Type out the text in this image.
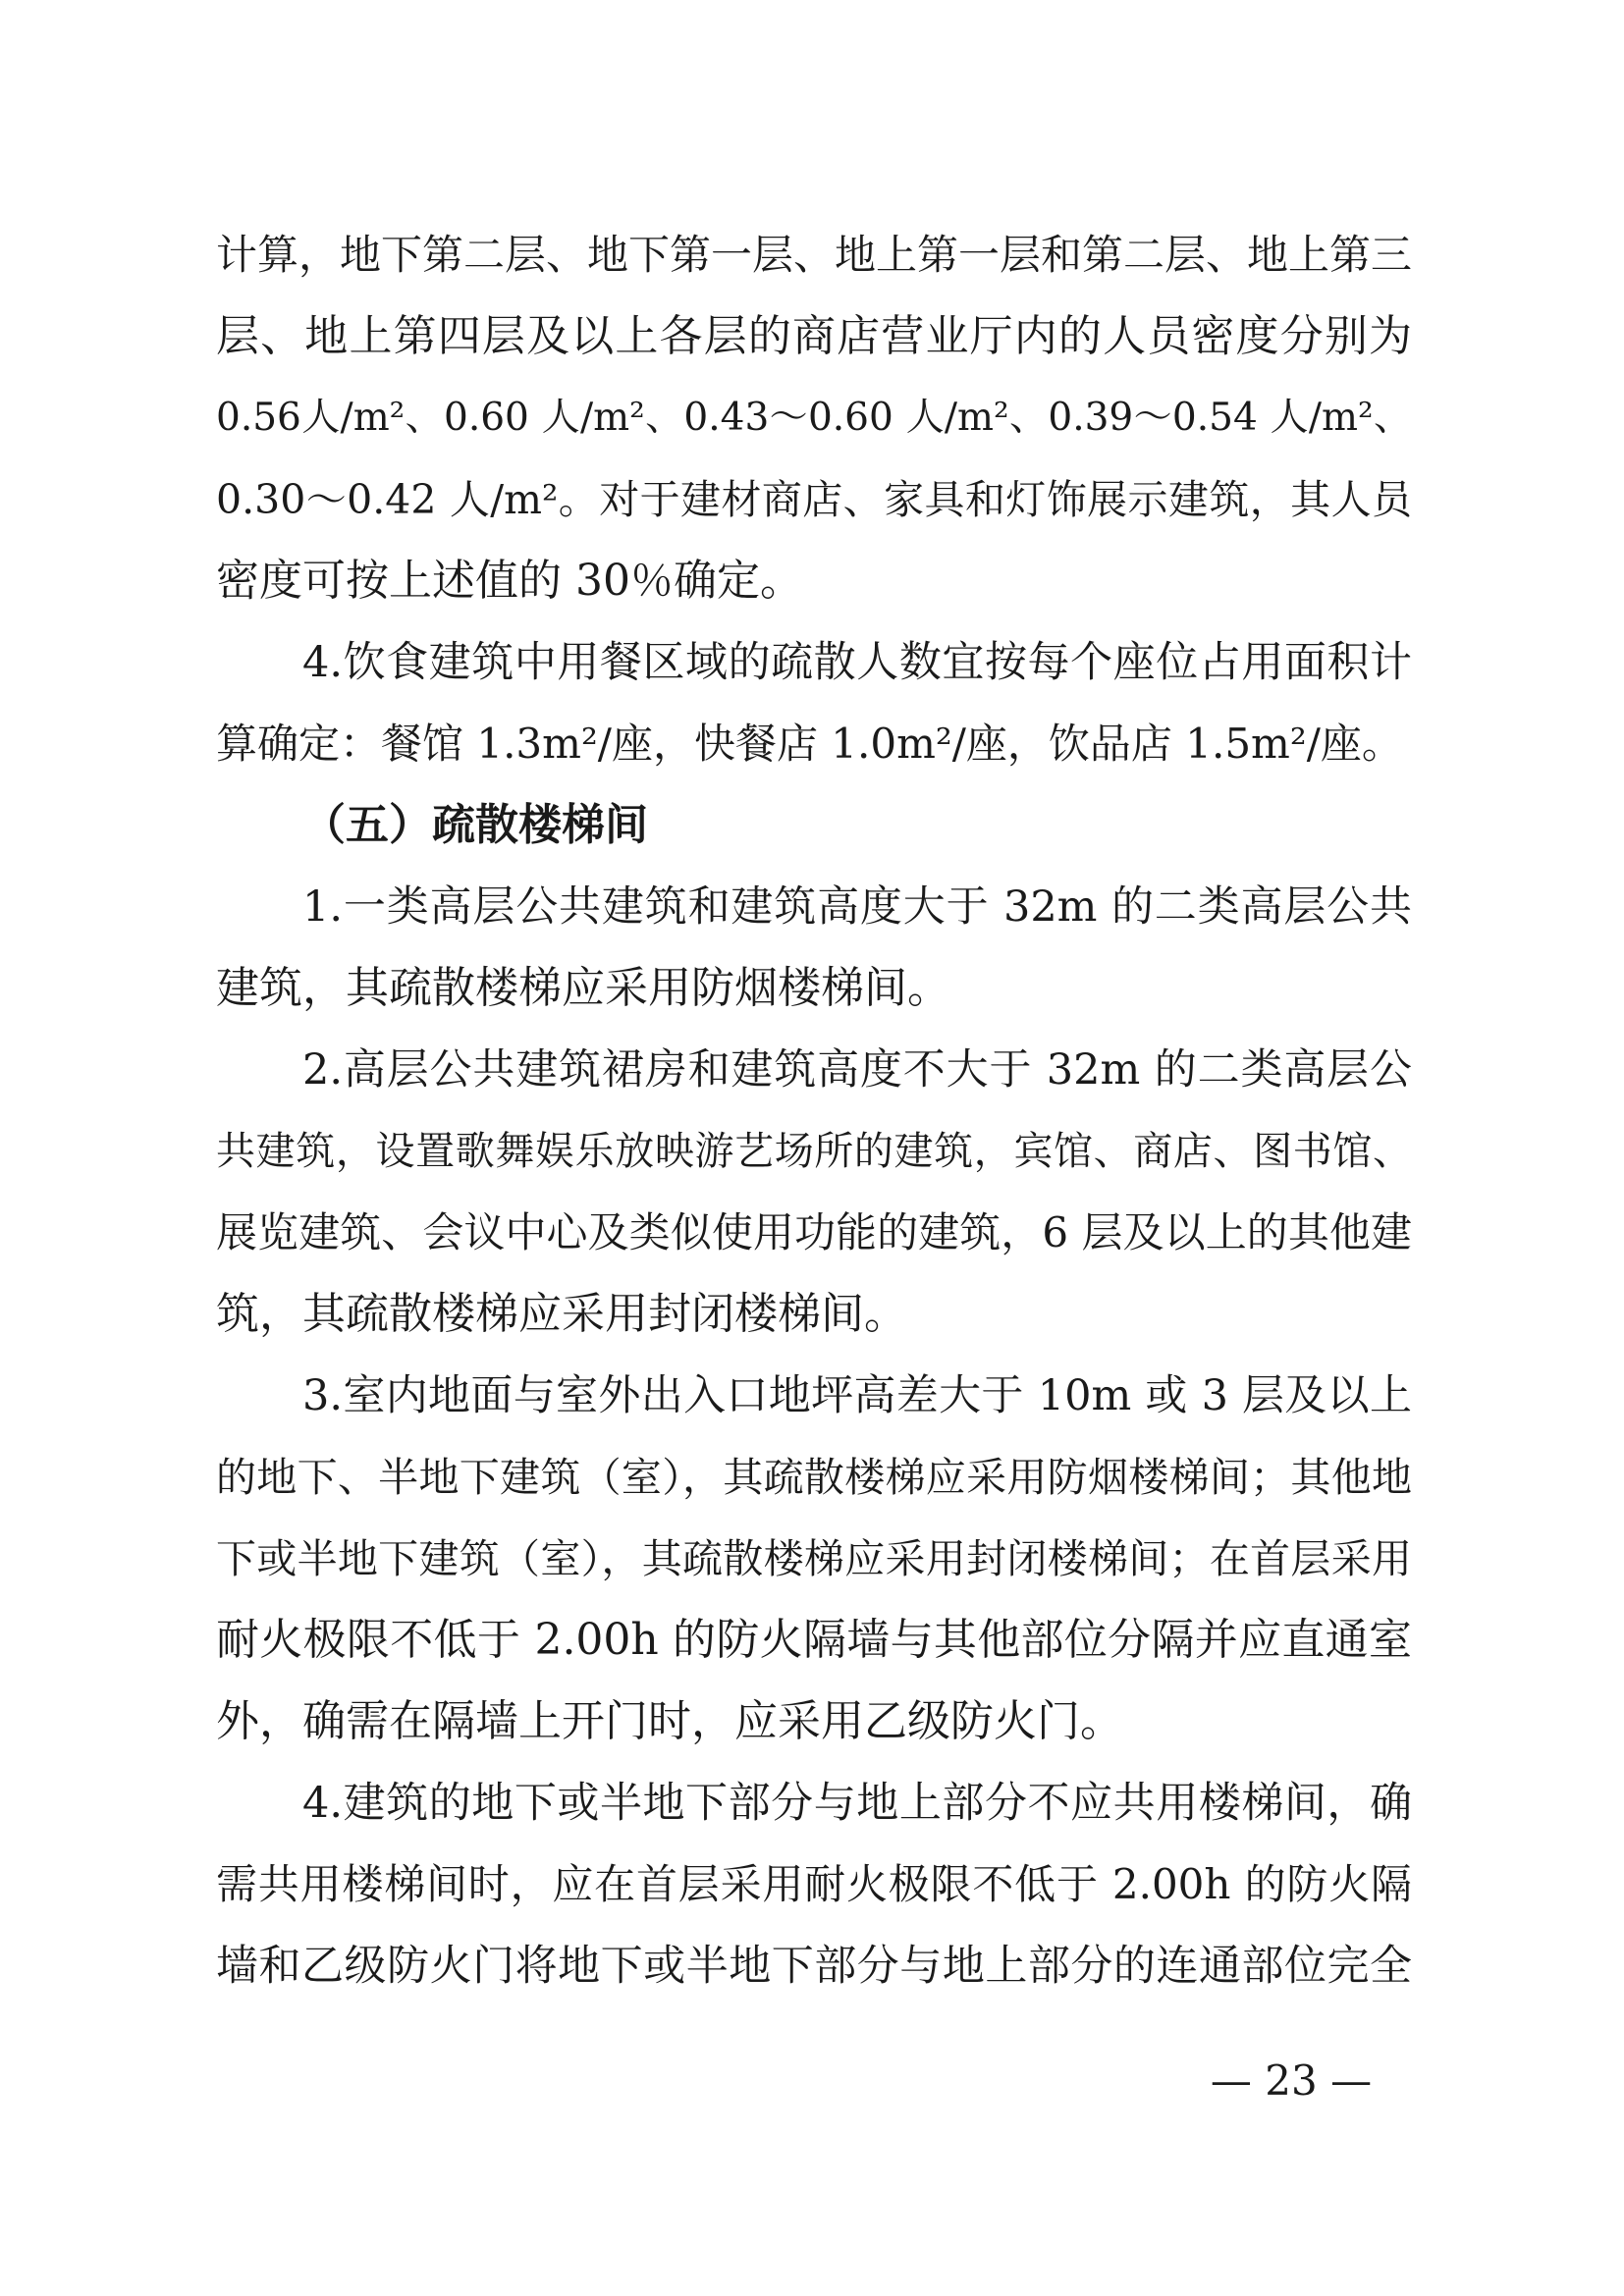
计算，地下第二层、地下第一层、地上第一层和第二层、地上第三
层、地上第四层及以上各层的商店营业厅内的人员密度分别为
0.56人/m²、0.60 人/m²、0.43～0.60 人/m²、0.39～0.54 人/m²、
0.30～0.42 人/m²。对于建材商店、家具和灯饰展示建筑，其人员
密度可按上述值的 30％确定。
4.饮食建筑中用餐区域的疏散人数宜按每个座位占用面积计
算确定：餐馆 1.3m²/座，快餐店 1.0m²/座，饮品店 1.5m²/座。
（五）疏散楼梯间
1.一类高层公共建筑和建筑高度大于 32m 的二类高层公共
建筑，其疏散楼梯应采用防烟楼梯间。
2.高层公共建筑裙房和建筑高度不大于 32m 的二类高层公
共建筑，设置歌舞娱乐放映游艺场所的建筑，宾馆、商店、图书馆、
展览建筑、会议中心及类似使用功能的建筑，6 层及以上的其他建
筑，其疏散楼梯应采用封闭楼梯间。
3.室内地面与室外出入口地坪高差大于 10m 或 3 层及以上
的地下、半地下建筑（室），其疏散楼梯应采用防烟楼梯间；其他地
下或半地下建筑（室），其疏散楼梯应采用封闭楼梯间；在首层采用
耐火极限不低于 2.00h 的防火隔墙与其他部位分隔并应直通室
外，确需在隔墙上开门时，应采用乙级防火门。
4.建筑的地下或半地下部分与地上部分不应共用楼梯间，确
需共用楼梯间时，应在首层采用耐火极限不低于 2.00h 的防火隔
墙和乙级防火门将地下或半地下部分与地上部分的连通部位完全
— 23 —
